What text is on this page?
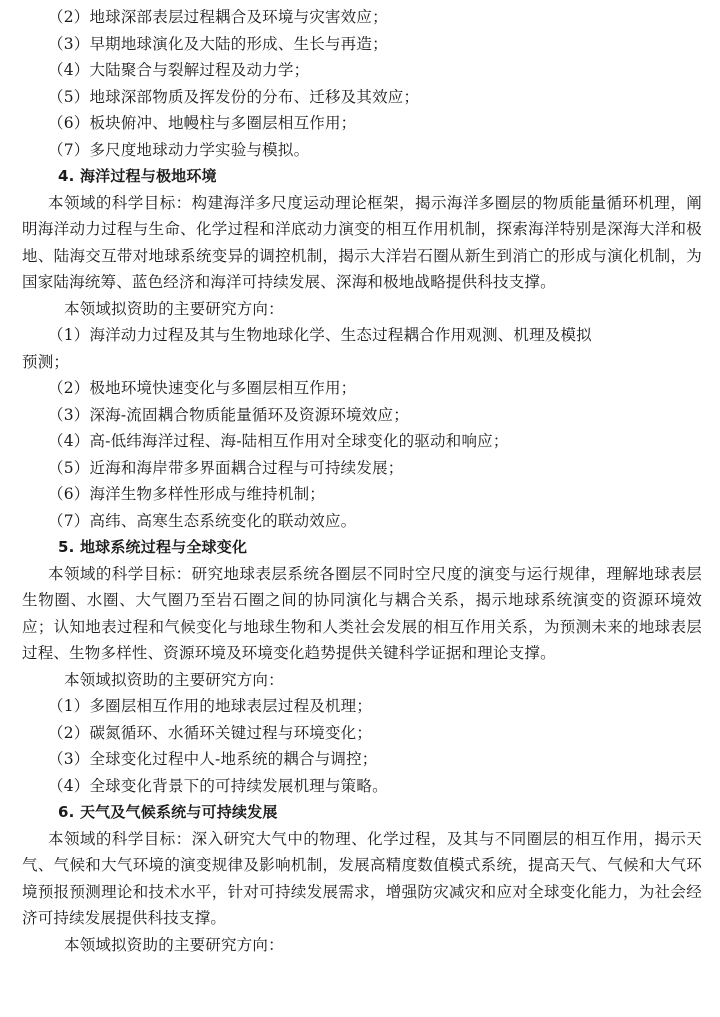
（2）地球深部表层过程耦合及环境与灾害效应；
（3）早期地球演化及大陆的形成、生长与再造；
（4）大陆聚合与裂解过程及动力学；
（5）地球深部物质及挥发份的分布、迁移及其效应；
（6）板块俯冲、地幔柱与多圈层相互作用；
（7）多尺度地球动力学实验与模拟。
4. 海洋过程与极地环境

本领域的科学目标：构建海洋多尺度运动理论框架，揭示海洋多圈层的物质能量循环机理，阐明海洋动力过程与生命、化学过程和洋底动力演变的相互作用机制，探索海洋特别是深海大洋和极地、陆海交互带对地球系统变异的调控机制，揭示大洋岩石圈从新生到消亡的形成与演化机制，为国家陆海统筹、蓝色经济和海洋可持续发展、深海和极地战略提供科技支撑。

本领域拟资助的主要研究方向：
（1）海洋动力过程及其与生物地球化学、生态过程耦合作用观测、机理及模拟
预测；
（2）极地环境快速变化与多圈层相互作用；
（3）深海-流固耦合物质能量循环及资源环境效应；
（4）高-低纬海洋过程、海-陆相互作用对全球变化的驱动和响应；
（5）近海和海岸带多界面耦合过程与可持续发展；
（6）海洋生物多样性形成与维持机制；
（7）高纬、高寒生态系统变化的联动效应。
5. 地球系统过程与全球变化

本领域的科学目标：研究地球表层系统各圈层不同时空尺度的演变与运行规律，理解地球表层生物圈、水圈、大气圈乃至岩石圈之间的协同演化与耦合关系，揭示地球系统演变的资源环境效应；认知地表过程和气候变化与地球生物和人类社会发展的相互作用关系，为预测未来的地球表层过程、生物多样性、资源环境及环境变化趋势提供关键科学证据和理论支撑。

本领域拟资助的主要研究方向：
（1）多圈层相互作用的地球表层过程及机理；
（2）碳氮循环、水循环关键过程与环境变化；
（3）全球变化过程中人-地系统的耦合与调控；
（4）全球变化背景下的可持续发展机理与策略。
6. 天气及气候系统与可持续发展

本领域的科学目标：深入研究大气中的物理、化学过程，及其与不同圈层的相互作用，揭示天气、气候和大气环境的演变规律及影响机制，发展高精度数值模式系统，提高天气、气候和大气环境预报预测理论和技术水平，针对可持续发展需求，增强防灾减灾和应对全球变化能力，为社会经济可持续发展提供科技支撑。

本领域拟资助的主要研究方向：
